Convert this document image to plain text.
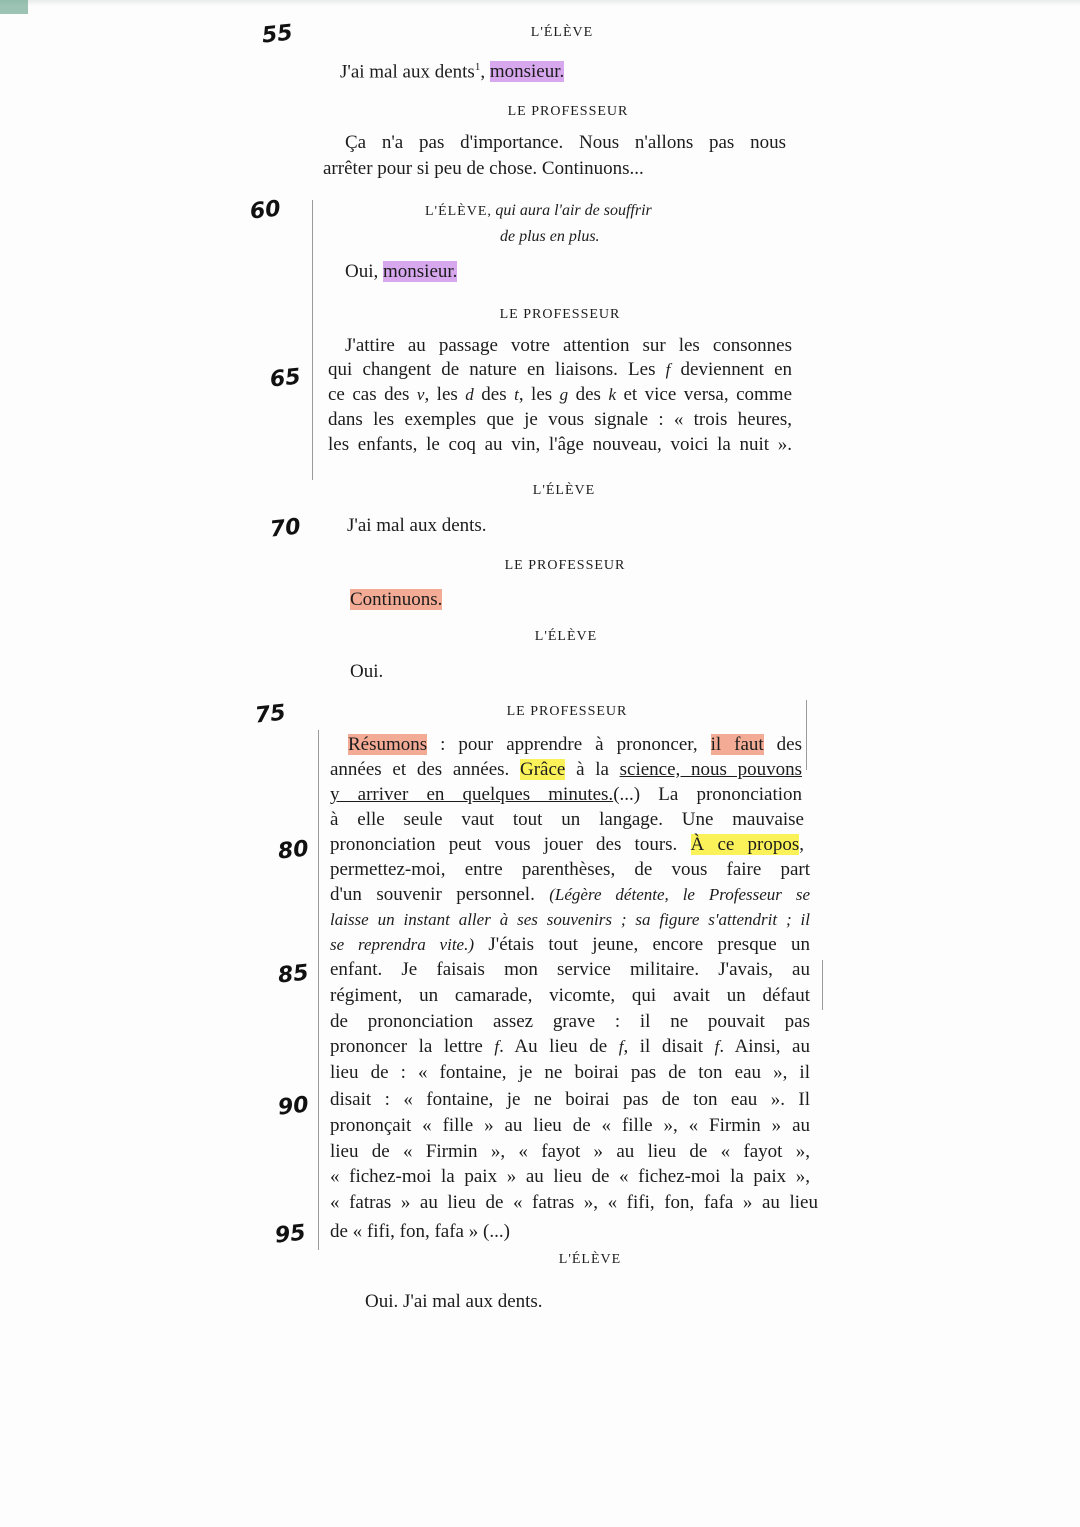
55
60
65
70
75
80
85
90
95
L'ÉLÈVE
LE PROFESSEUR
L'ÉLÈVE, qui aura l'air de souffrir
de plus en plus.
LE PROFESSEUR
L'ÉLÈVE
LE PROFESSEUR
L'ÉLÈVE
LE PROFESSEUR
L'ÉLÈVE
J'ai mal aux dents$^1$, monsieur.
Ça n'a pas d'importance. Nous n'allons pas nous
arrêter pour si peu de chose. Continuons...
Oui, monsieur.
J'attire au passage votre attention sur les consonnes
qui changent de nature en liaisons. Les f deviennent en
ce cas des v, les d des t, les g des k et vice versa, comme
dans les exemples que je vous signale : « trois heures,
les enfants, le coq au vin, l'âge nouveau, voici la nuit ».
J'ai mal aux dents.
Continuons.
Oui.
Résumons : pour apprendre à prononcer, il faut des
années et des années. Grâce à la science, nous pouvons
y arriver en quelques minutes.(...) La prononciation
à elle seule vaut tout un langage. Une mauvaise
prononciation peut vous jouer des tours. À ce propos,
permettez-moi, entre parenthèses, de vous faire part
d'un souvenir personnel. (Légère détente, le Professeur se
laisse un instant aller à ses souvenirs ; sa figure s'attendrit ; il
se reprendra vite.) J'étais tout jeune, encore presque un
enfant. Je faisais mon service militaire. J'avais, au
régiment, un camarade, vicomte, qui avait un défaut
de prononciation assez grave : il ne pouvait pas
prononcer la lettre f. Au lieu de f, il disait f. Ainsi, au
lieu de : « fontaine, je ne boirai pas de ton eau », il
disait : « fontaine, je ne boirai pas de ton eau ». Il
prononçait « fille » au lieu de « fille », « Firmin » au
lieu de « Firmin », « fayot » au lieu de « fayot »,
« fichez-moi la paix » au lieu de « fichez-moi la paix »,
« fatras » au lieu de « fatras », « fifi, fon, fafa » au lieu
de « fifi, fon, fafa » (...)
Oui. J'ai mal aux dents.
